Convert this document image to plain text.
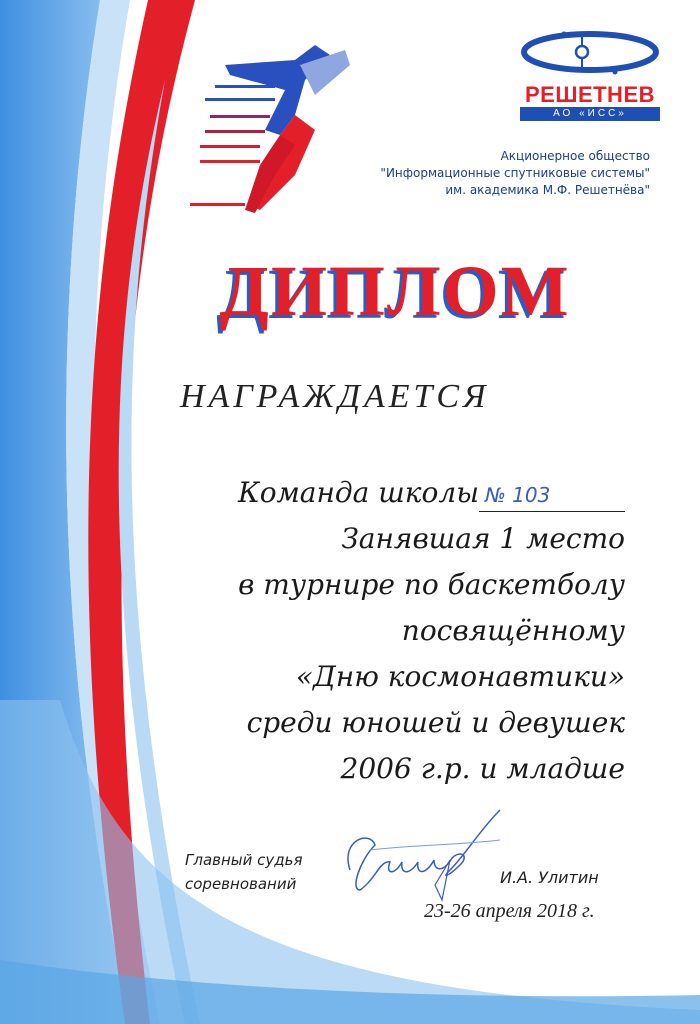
РЕШЕТНЕВ
АО «ИСС»
Акционерное общество
"Информационные спутниковые системы"
им. академика М.Ф. Решетнёва"
ДИПЛОМ
НАГРАЖДАЕТСЯ
Команда школы № 103
Занявшая 1 место
в турнире по баскетболу
посвящённому
«Дню космонавтики»
среди юношей и девушек
2006 г.р. и младше
Главный судья
соревнований	И.А. Улитин
23-26 апреля 2018 г.
